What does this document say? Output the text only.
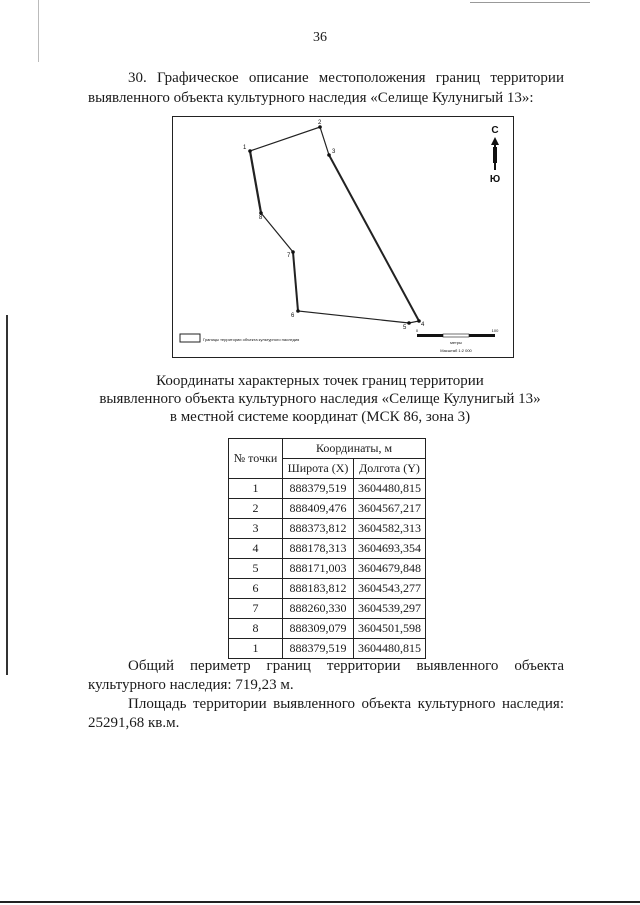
36
30. Графическое описание местоположения границ территории
выявленного объекта культурного наследия «Селище Кулунигый 13»:
1
2
3
4
5
6
7
8
С
Ю
Границы территории объекта культурного наследия
0	100
метры
Масштаб 1:2 000
Координаты характерных точек границ территории
выявленного объекта культурного наследия «Селище Кулунигый 13»
в местной системе координат (МСК 86, зона 3)
№ точки	Координаты, м	
	Широта (X)	Долгота (Y)
1	888379,519	3604480,815
2	888409,476	3604567,217
3	888373,812	3604582,313
4	888178,313	3604693,354
5	888171,003	3604679,848
6	888183,812	3604543,277
7	888260,330	3604539,297
8	888309,079	3604501,598
1	888379,519	3604480,815

Общий периметр границ территории выявленного объекта

культурного наследия: 719,23 м.

Площадь территории выявленного объекта культурного наследия:

25291,68 кв.м.
